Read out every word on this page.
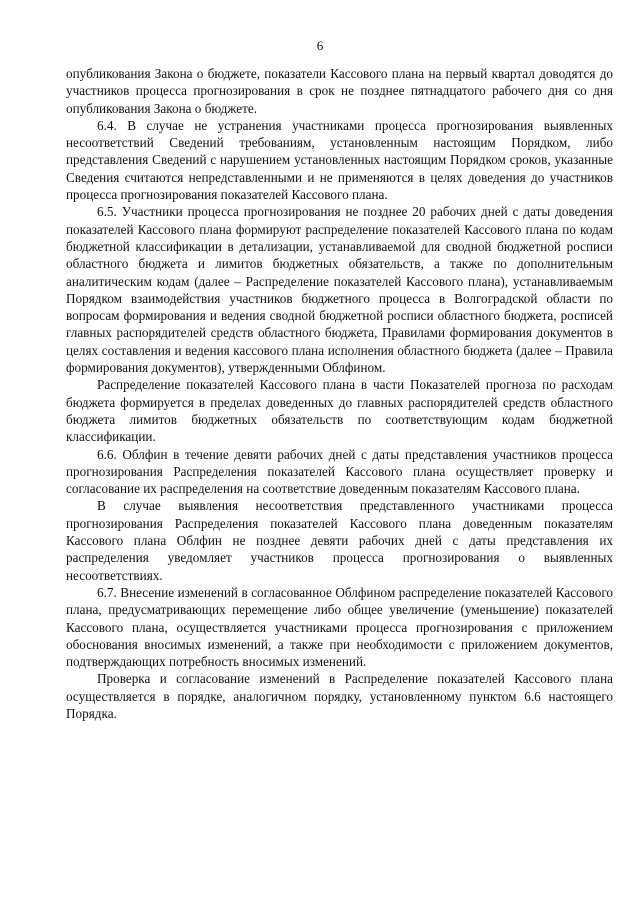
6

опубликования Закона о бюджете, показатели Кассового плана на первый квартал доводятся до участников процесса прогнозирования в срок не позднее пятнадцатого рабочего дня со дня опубликования Закона о бюджете.

6.4. В случае не устранения участниками процесса прогнозирования выявленных несоответствий Сведений требованиям, установленным настоящим Порядком, либо представления Сведений с нарушением установленных настоящим Порядком сроков, указанные Сведения считаются непредставленными и не применяются в целях доведения до участников процесса прогнозирования показателей Кассового плана.

6.5. Участники процесса прогнозирования не позднее 20 рабочих дней с даты доведения показателей Кассового плана формируют распределение показателей Кассового плана по кодам бюджетной классификации в детализации, устанавливаемой для сводной бюджетной росписи областного бюджета и лимитов бюджетных обязательств, а также по дополнительным аналитическим кодам (далее – Распределение показателей Кассового плана), устанавливаемым Порядком взаимодействия участников бюджетного процесса в Волгоградской области по вопросам формирования и ведения сводной бюджетной росписи областного бюджета, росписей главных распорядителей средств областного бюджета, Правилами формирования документов в целях составления и ведения кассового плана исполнения областного бюджета (далее – Правила формирования документов), утвержденными Облфином.

Распределение показателей Кассового плана в части Показателей прогноза по расходам бюджета формируется в пределах доведенных до главных распорядителей средств областного бюджета лимитов бюджетных обязательств по соответствующим кодам бюджетной классификации.

6.6. Облфин в течение девяти рабочих дней с даты представления участников процесса прогнозирования Распределения показателей Кассового плана осуществляет проверку и согласование их распределения на соответствие доведенным показателям Кассового плана.

В случае выявления несоответствия представленного участниками процесса прогнозирования Распределения показателей Кассового плана доведенным показателям Кассового плана Облфин не позднее девяти рабочих дней с даты представления их распределения уведомляет участников процесса прогнозирования о выявленных несоответствиях.

6.7. Внесение изменений в согласованное Облфином распределение показателей Кассового плана, предусматривающих перемещение либо общее увеличение (уменьшение) показателей Кассового плана, осуществляется участниками процесса прогнозирования с приложением обоснования вносимых изменений, а также при необходимости с приложением документов, подтверждающих потребность вносимых изменений.

Проверка и согласование изменений в Распределение показателей Кассового плана осуществляется в порядке, аналогичном порядку, установленному пунктом 6.6 настоящего Порядка.
